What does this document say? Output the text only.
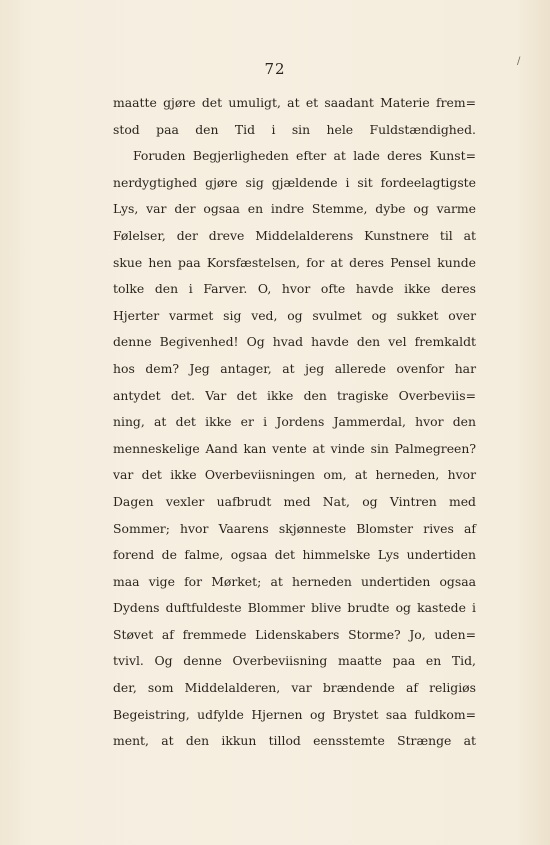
/
72
maatte gjøre det umuligt, at et saadant Materie frem=
stod paa den Tid i sin hele Fuldstændighed.
Foruden Begjerligheden efter at lade deres Kunst=
nerdygtighed gjøre sig gjældende i sit fordeelagtigste
Lys, var der ogsaa en indre Stemme, dybe og varme
Følelser, der dreve Middelalderens Kunstnere til at
skue hen paa Korsfæstelsen, for at deres Pensel kunde
tolke den i Farver. O, hvor ofte havde ikke deres
Hjerter varmet sig ved, og svulmet og sukket over
denne Begivenhed! Og hvad havde den vel fremkaldt
hos dem? Jeg antager, at jeg allerede ovenfor har
antydet det. Var det ikke den tragiske Overbeviis=
ning, at det ikke er i Jordens Jammerdal, hvor den
menneskelige Aand kan vente at vinde sin Palmegreen?
var det ikke Overbeviisningen om, at herneden, hvor
Dagen vexler uafbrudt med Nat, og Vintren med
Sommer; hvor Vaarens skjønneste Blomster rives af
forend de falme, ogsaa det himmelske Lys undertiden
maa vige for Mørket; at herneden undertiden ogsaa
Dydens duftfuldeste Blommer blive brudte og kastede i
Støvet af fremmede Lidenskabers Storme? Jo, uden=
tvivl. Og denne Overbeviisning maatte paa en Tid,
der, som Middelalderen, var brændende af religiøs
Begeistring, udfylde Hjernen og Brystet saa fuldkom=
ment, at den ikkun tillod eensstemte Strænge at
